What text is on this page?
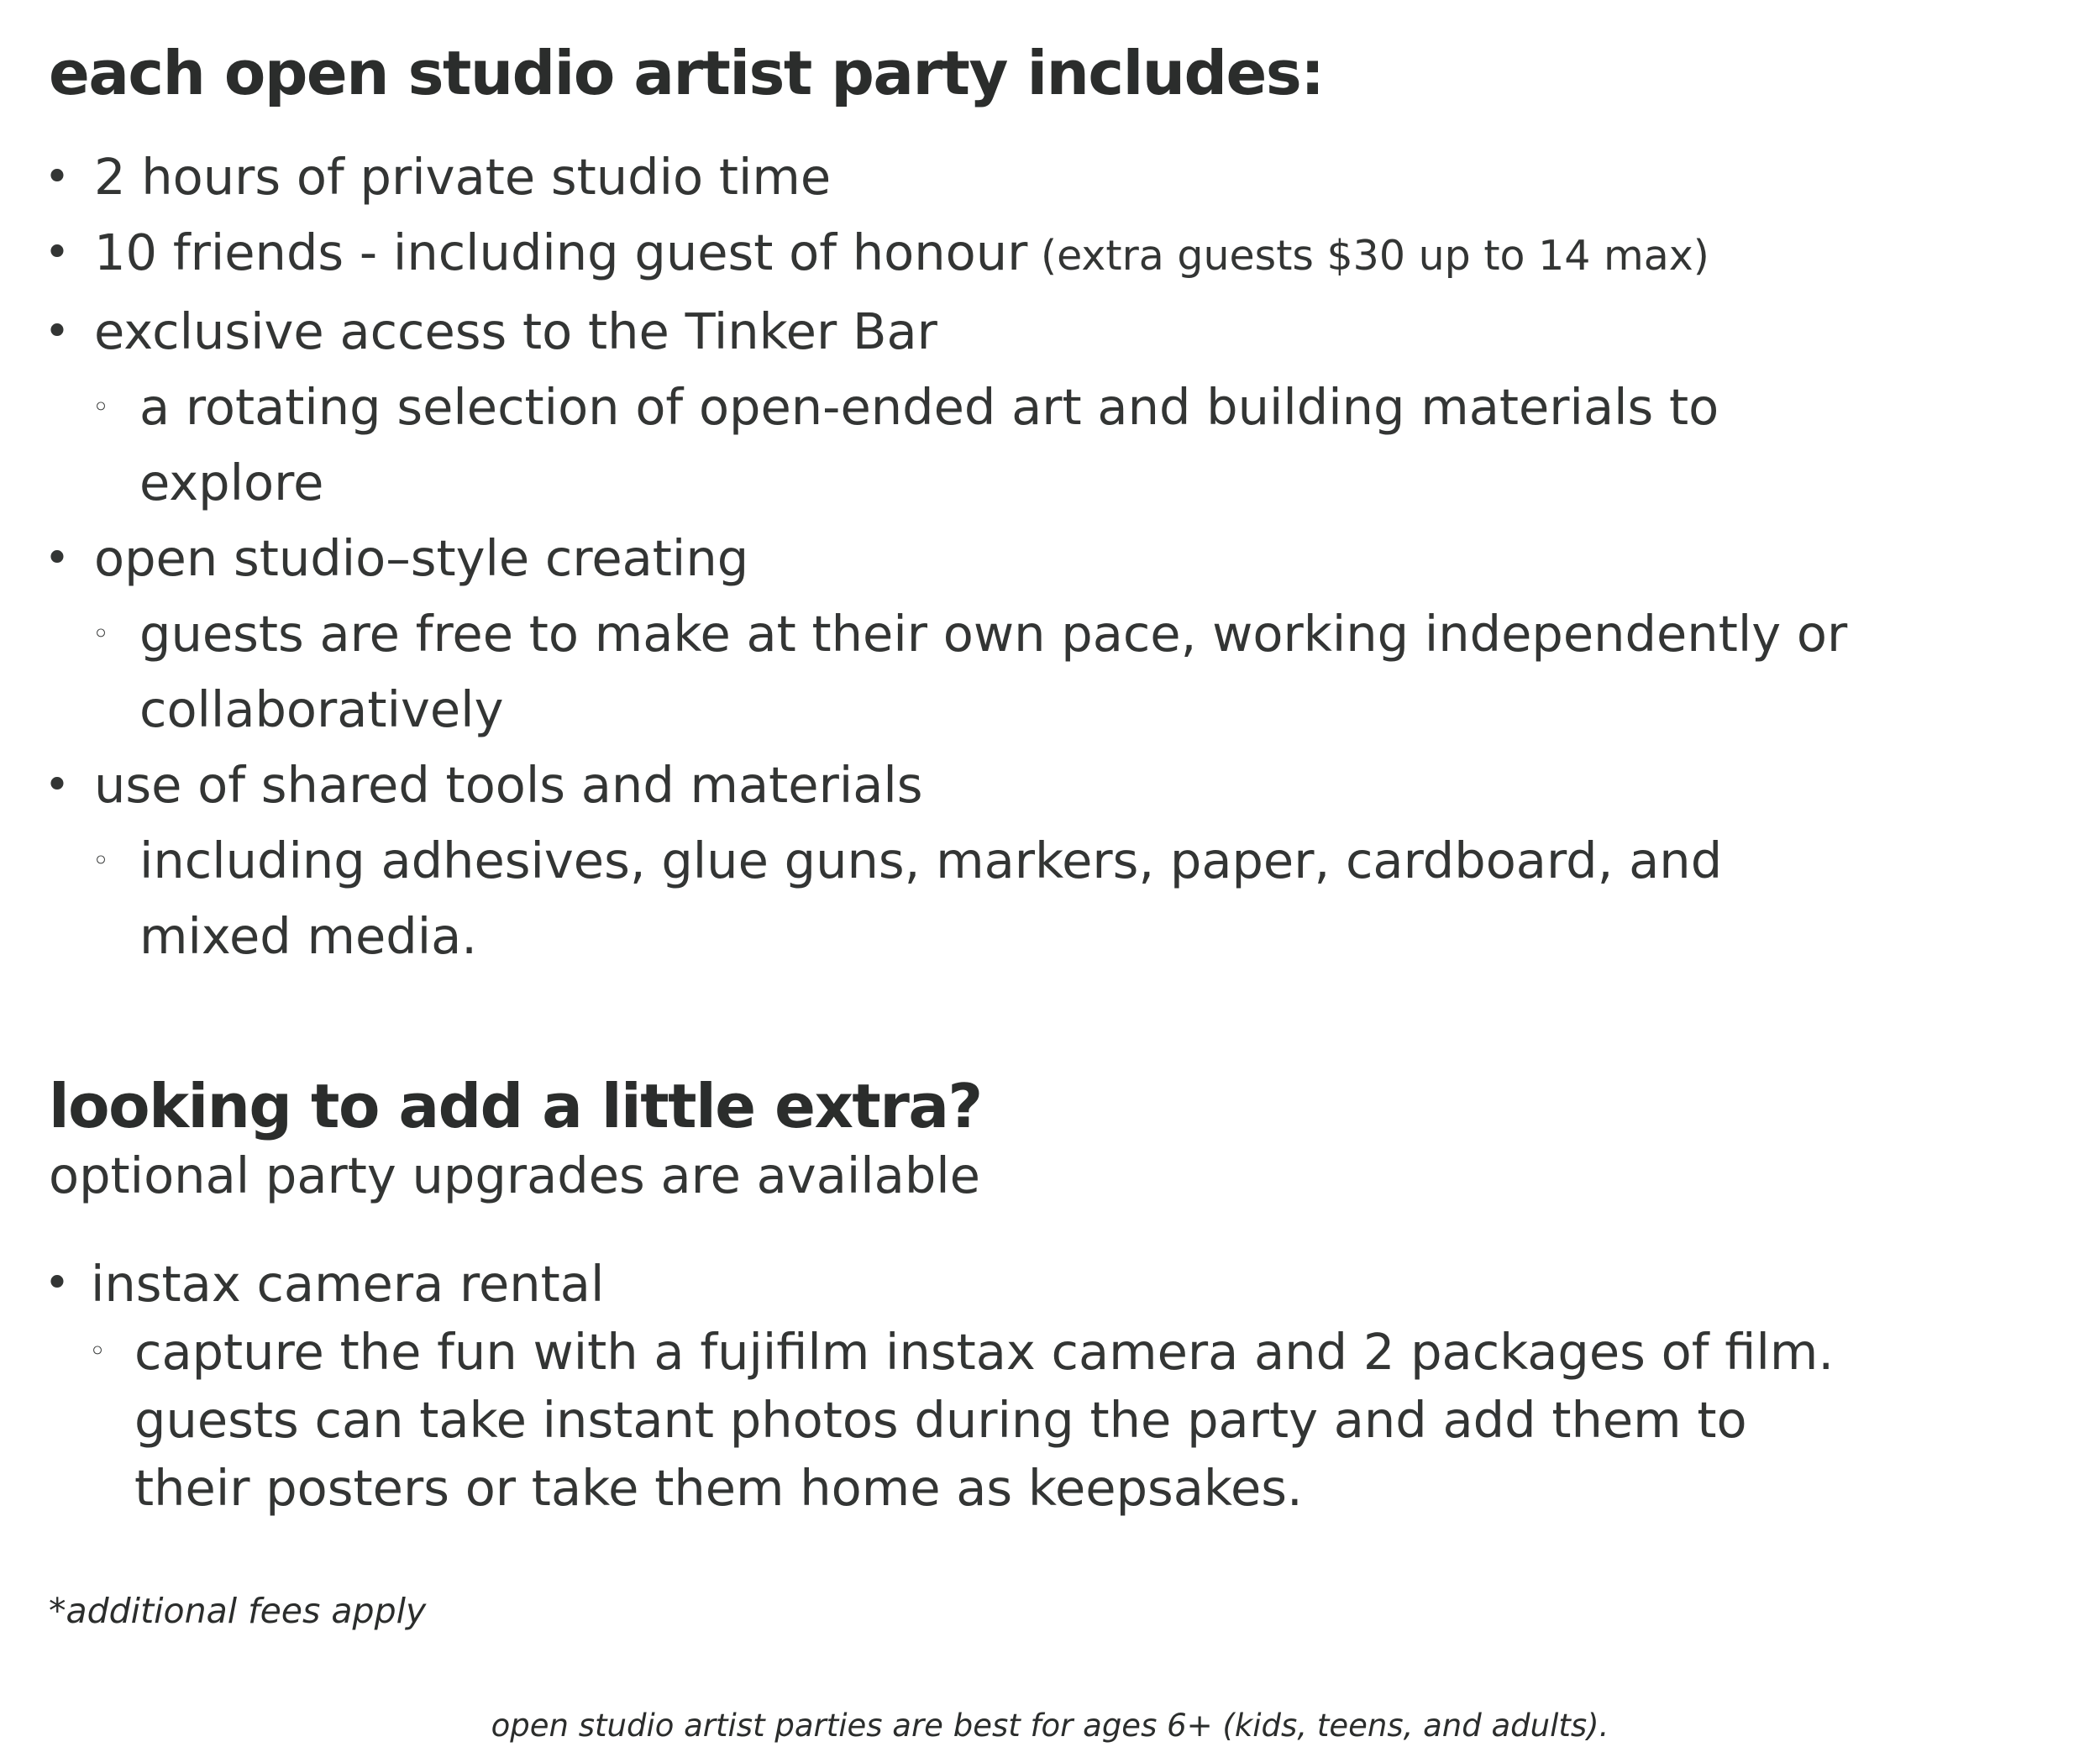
each open studio artist party includes:
• 2 hours of private studio time
• 10 friends - including guest of honour (extra guests $30 up to 14 max)
• exclusive access to the Tinker Bar
◦ a rotating selection of open-ended art and building materials to
explore
• open studio–style creating
◦ guests are free to make at their own pace, working independently or
collaboratively
• use of shared tools and materials
◦ including adhesives, glue guns, markers, paper, cardboard, and
mixed media.
looking to add a little extra?

optional party upgrades are available

• instax camera rental
◦ capture the fun with a fujifilm instax camera and 2 packages of film.
guests can take instant photos during the party and add them to
their posters or take them home as keepsakes.

*additional fees apply

open studio artist parties are best for ages 6+ (kids, teens, and adults).
